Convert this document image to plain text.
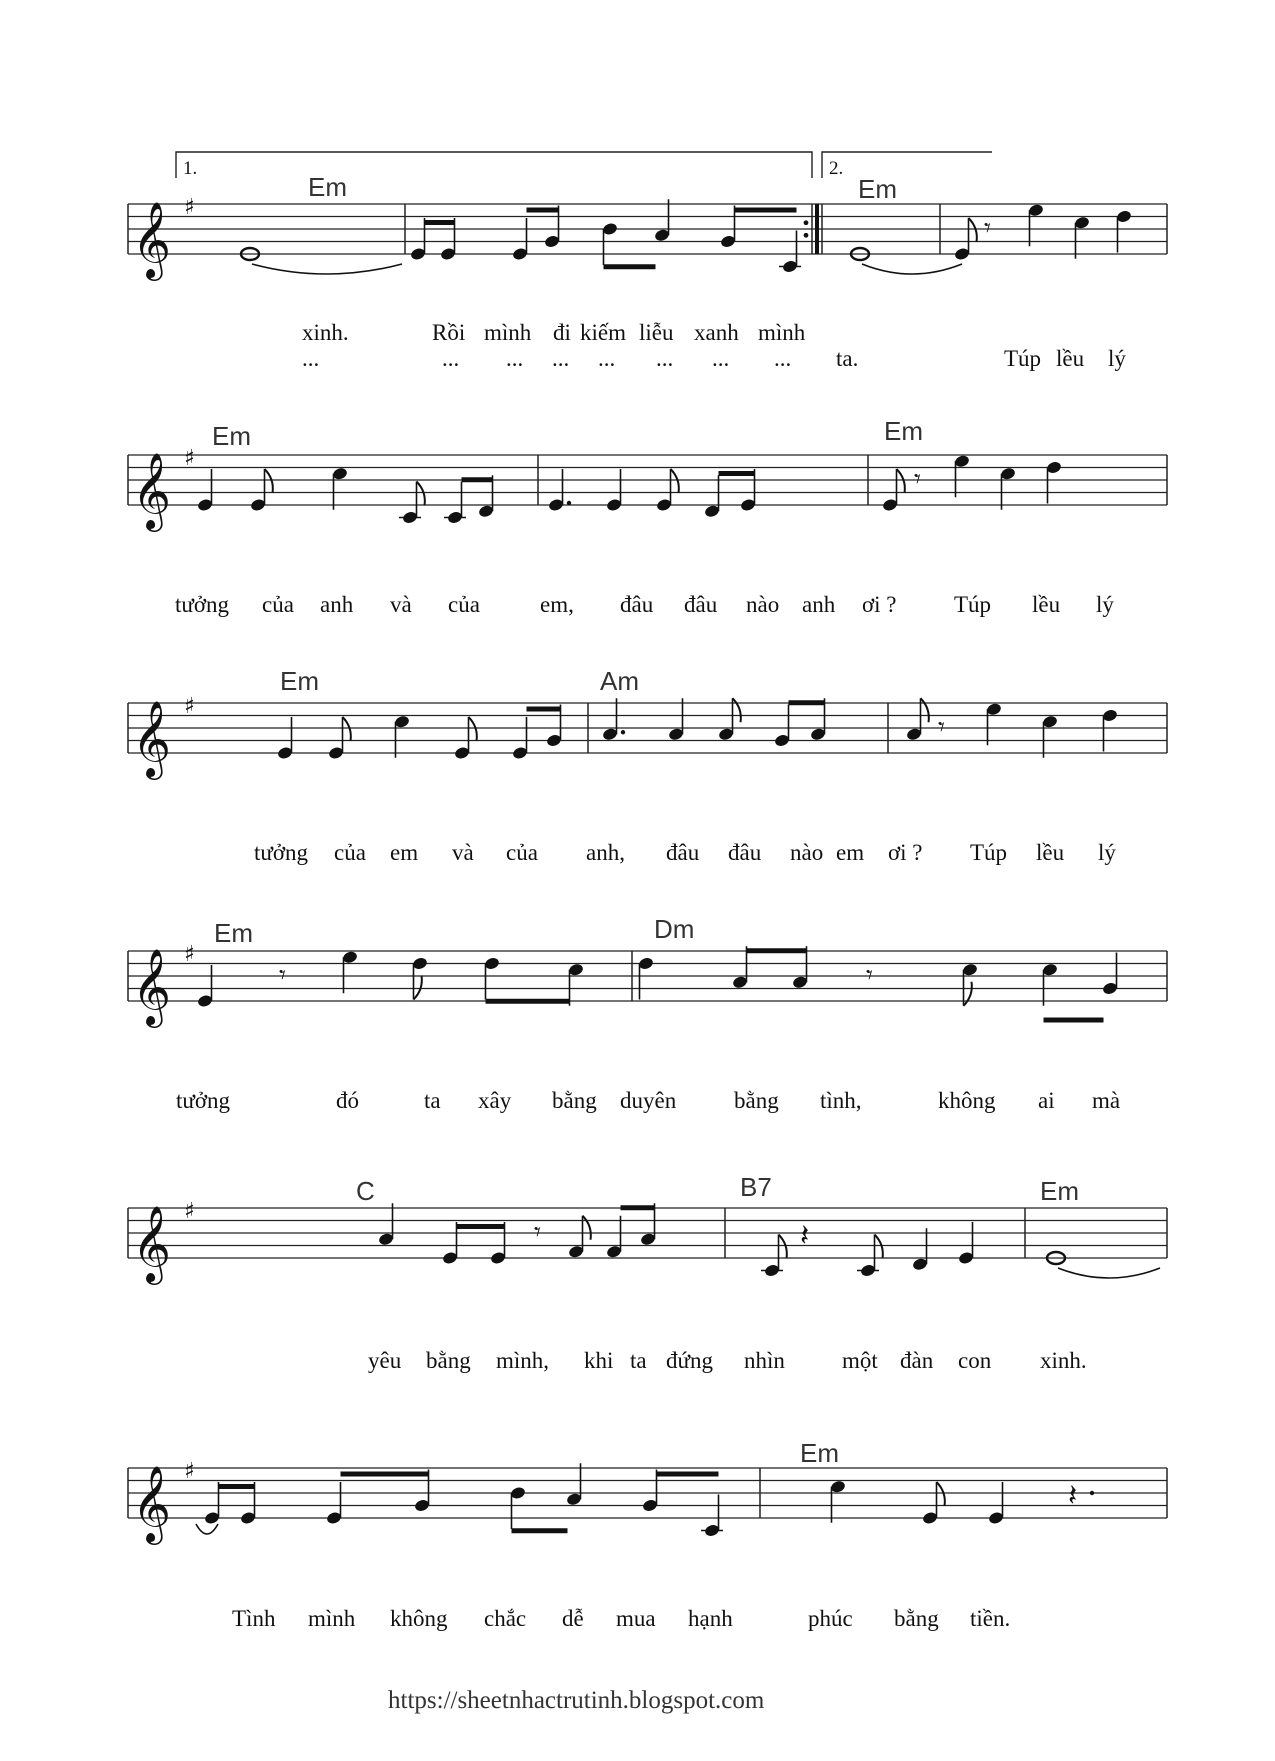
𝄞 ♯
𝄞 ♯
𝄞 ♯
𝄞 ♯
𝄞 ♯
𝄞 ♯
𝄾
𝄾
𝄾
𝄾	𝄾
𝄾	𝄽
𝄽
1.	2.
Em	Em
Em	Em
Em	Am
Em	Dm
C	B7	Em
Em
xinh.	Rồi mình đi kiếm liễu xanh mình
...	... ... ... ... ... ... ... ta.	Túp lều lý
tưởng của anh và của	em, đâu đâu nào anh ơi ? Túp lều lý
tưởng của em và của anh, đâu đâu nào em ơi ? Túp lều lý
tưởng	đó	ta xây bằng duyên	bằng tình,	không ai mà
yêu bằng mình, khi ta đứng nhìn một đàn con xinh.
Tình mình không chắc dễ mua hạnh	phúc bằng tiền.
https://sheetnhactrutinh.blogspot.com
